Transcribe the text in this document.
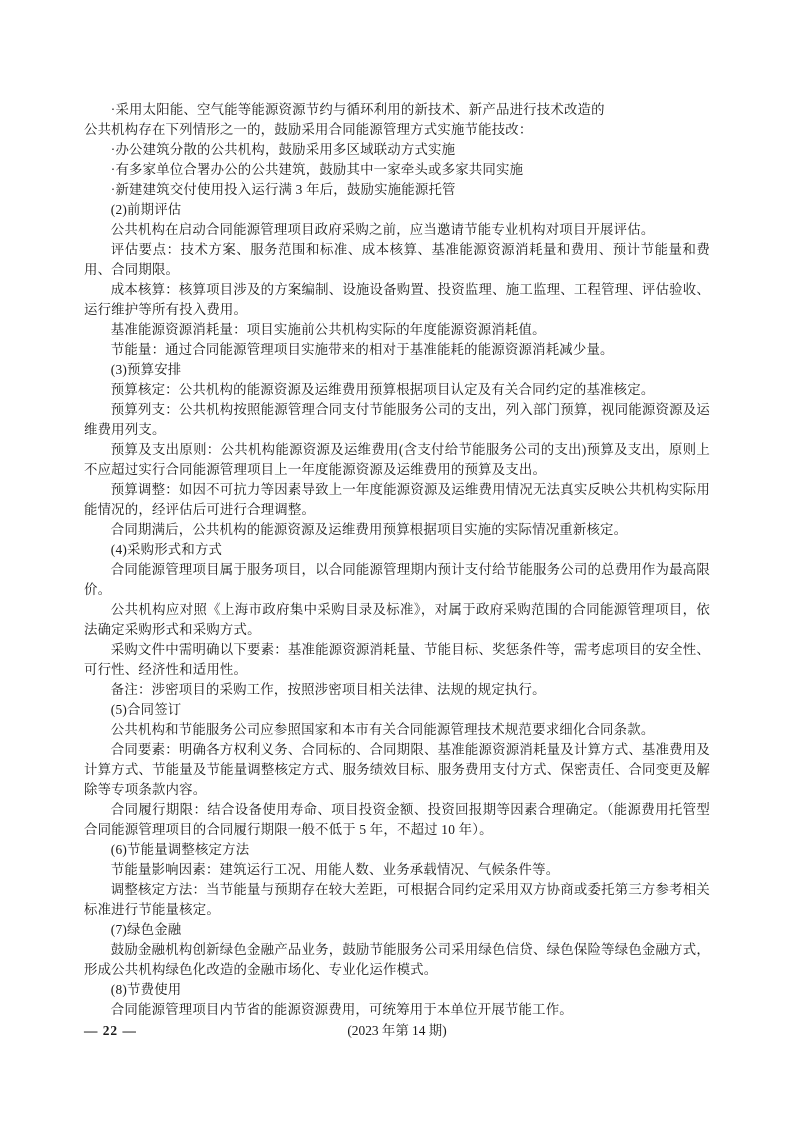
·采用太阳能、空气能等能源资源节约与循环利用的新技术、新产品进行技术改造的

公共机构存在下列情形之一的，鼓励采用合同能源管理方式实施节能技改：

·办公建筑分散的公共机构，鼓励采用多区域联动方式实施

·有多家单位合署办公的公共建筑，鼓励其中一家牵头或多家共同实施

·新建建筑交付使用投入运行满 3 年后，鼓励实施能源托管

(2)前期评估

公共机构在启动合同能源管理项目政府采购之前，应当邀请节能专业机构对项目开展评估。

评估要点：技术方案、服务范围和标准、成本核算、基准能源资源消耗量和费用、预计节能量和费用、合同期限。

成本核算：核算项目涉及的方案编制、设施设备购置、投资监理、施工监理、工程管理、评估验收、运行维护等所有投入费用。

基准能源资源消耗量：项目实施前公共机构实际的年度能源资源消耗值。

节能量：通过合同能源管理项目实施带来的相对于基准能耗的能源资源消耗减少量。

(3)预算安排

预算核定：公共机构的能源资源及运维费用预算根据项目认定及有关合同约定的基准核定。

预算列支：公共机构按照能源管理合同支付节能服务公司的支出，列入部门预算，视同能源资源及运维费用列支。

预算及支出原则：公共机构能源资源及运维费用(含支付给节能服务公司的支出)预算及支出，原则上不应超过实行合同能源管理项目上一年度能源资源及运维费用的预算及支出。

预算调整：如因不可抗力等因素导致上一年度能源资源及运维费用情况无法真实反映公共机构实际用能情况的，经评估后可进行合理调整。

合同期满后，公共机构的能源资源及运维费用预算根据项目实施的实际情况重新核定。

(4)采购形式和方式

合同能源管理项目属于服务项目，以合同能源管理期内预计支付给节能服务公司的总费用作为最高限价。

公共机构应对照《上海市政府集中采购目录及标准》，对属于政府采购范围的合同能源管理项目，依法确定采购形式和采购方式。

采购文件中需明确以下要素：基准能源资源消耗量、节能目标、奖惩条件等，需考虑项目的安全性、可行性、经济性和适用性。

备注：涉密项目的采购工作，按照涉密项目相关法律、法规的规定执行。

(5)合同签订

公共机构和节能服务公司应参照国家和本市有关合同能源管理技术规范要求细化合同条款。

合同要素：明确各方权利义务、合同标的、合同期限、基准能源资源消耗量及计算方式、基准费用及计算方式、节能量及节能量调整核定方式、服务绩效目标、服务费用支付方式、保密责任、合同变更及解除等专项条款内容。

合同履行期限：结合设备使用寿命、项目投资金额、投资回报期等因素合理确定。（能源费用托管型合同能源管理项目的合同履行期限一般不低于 5 年，不超过 10 年）。

(6)节能量调整核定方法

节能量影响因素：建筑运行工况、用能人数、业务承载情况、气候条件等。

调整核定方法：当节能量与预期存在较大差距，可根据合同约定采用双方协商或委托第三方参考相关标准进行节能量核定。

(7)绿色金融

鼓励金融机构创新绿色金融产品业务，鼓励节能服务公司采用绿色信贷、绿色保险等绿色金融方式，形成公共机构绿色化改造的金融市场化、专业化运作模式。

(8)节费使用

合同能源管理项目内节省的能源资源费用，可统筹用于本单位开展节能工作。

— 22 —	(2023 年第 14 期)
